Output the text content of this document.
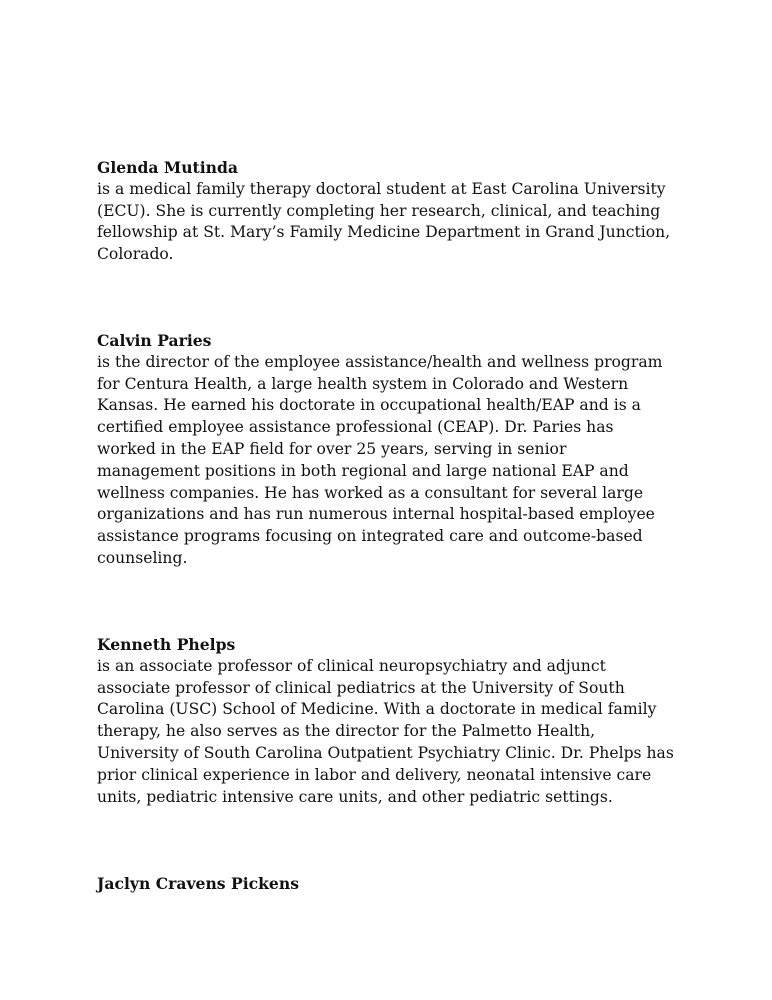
Glenda Mutinda
is a medical family therapy doctoral student at East Carolina University
(ECU). She is currently completing her research, clinical, and teaching
fellowship at St. Mary’s Family Medicine Department in Grand Junction,
Colorado.
Calvin Paries
is the director of the employee assistance/health and wellness program
for Centura Health, a large health system in Colorado and Western
Kansas. He earned his doctorate in occupational health/EAP and is a
certified employee assistance professional (CEAP). Dr. Paries has
worked in the EAP field for over 25 years, serving in senior
management positions in both regional and large national EAP and
wellness companies. He has worked as a consultant for several large
organizations and has run numerous internal hospital-based employee
assistance programs focusing on integrated care and outcome-based
counseling.
Kenneth Phelps
is an associate professor of clinical neuropsychiatry and adjunct
associate professor of clinical pediatrics at the University of South
Carolina (USC) School of Medicine. With a doctorate in medical family
therapy, he also serves as the director for the Palmetto Health,
University of South Carolina Outpatient Psychiatry Clinic. Dr. Phelps has
prior clinical experience in labor and delivery, neonatal intensive care
units, pediatric intensive care units, and other pediatric settings.
Jaclyn Cravens Pickens
